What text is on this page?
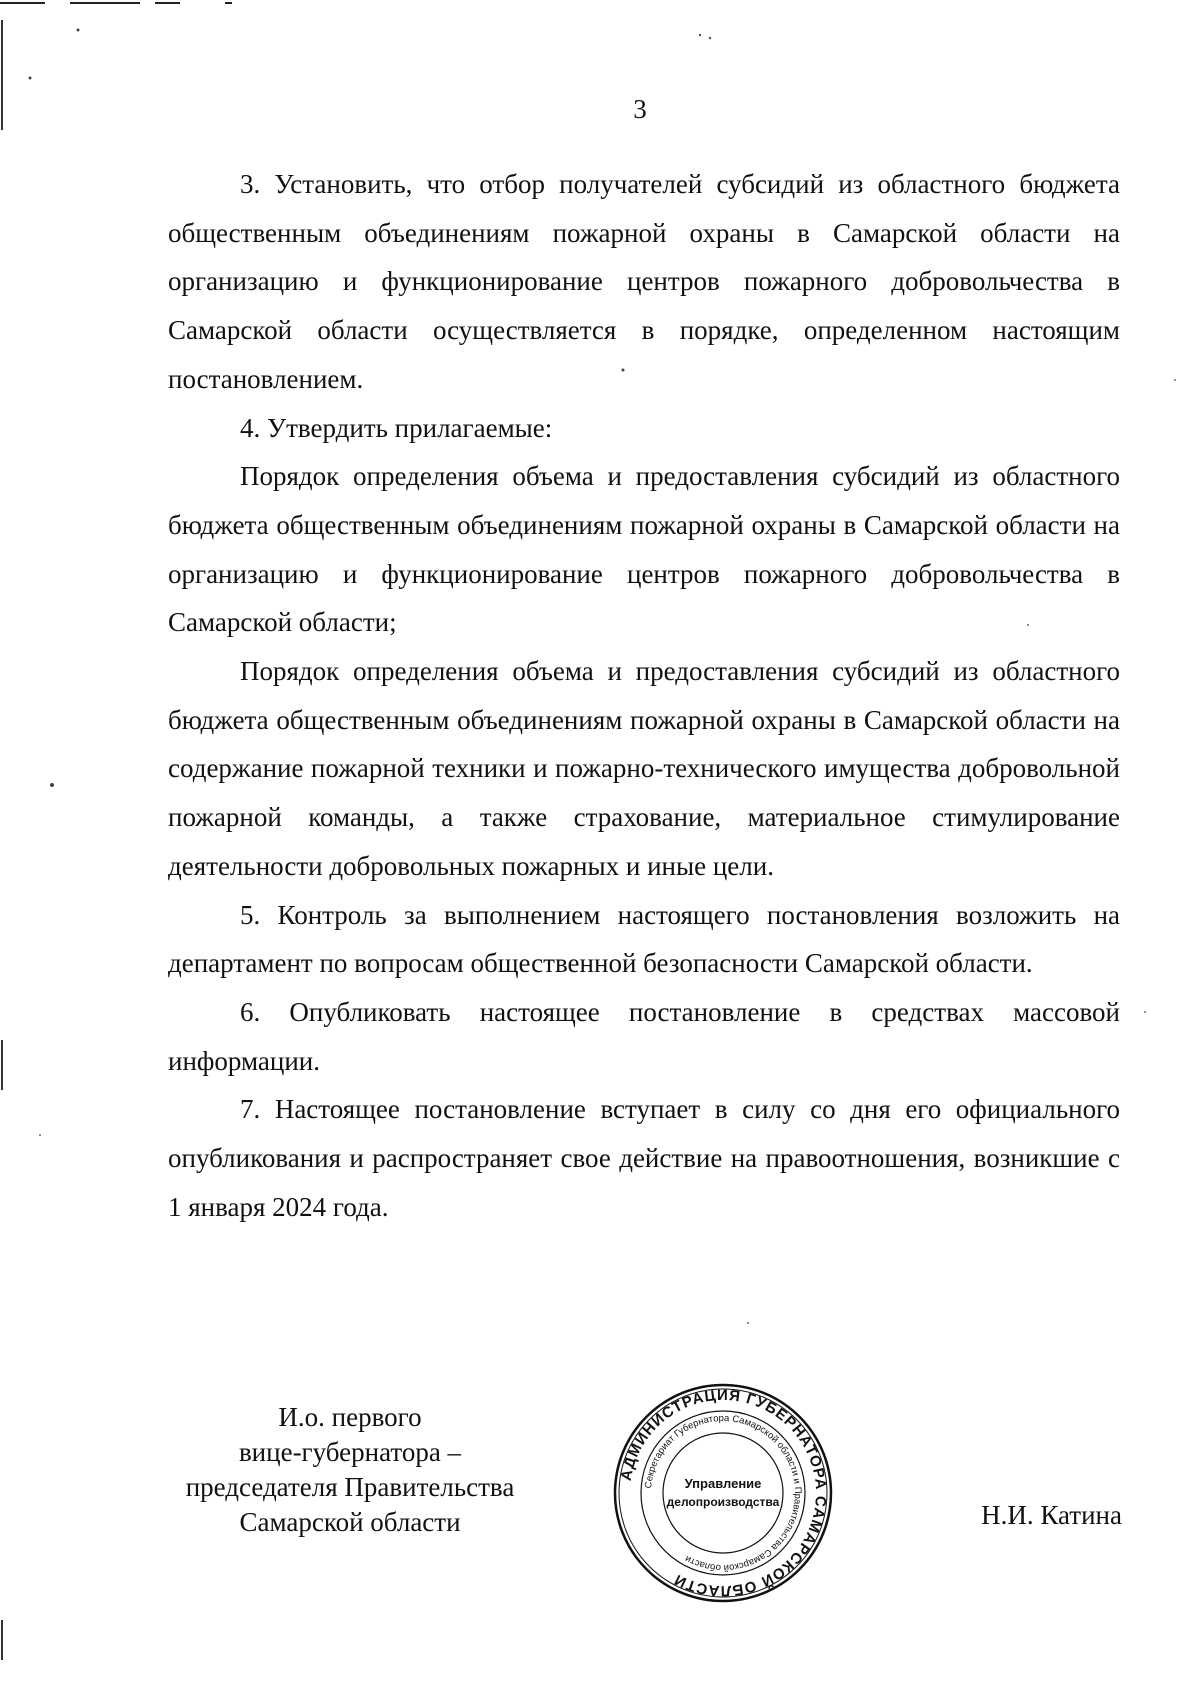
3

3. Установить, что отбор получателей субсидий из областного бюджета общественным объединениям пожарной охраны в Самарской области на организацию и функционирование центров пожарного добровольчества в Самарской области осуществляется в порядке, определенном настоящим постановлением.

4. Утвердить прилагаемые:

Порядок определения объема и предоставления субсидий из областного бюджета общественным объединениям пожарной охраны в Самарской области на организацию и функционирование центров пожарного добровольчества в Самарской области;

Порядок определения объема и предоставления субсидий из областного бюджета общественным объединениям пожарной охраны в Самарской области на содержание пожарной техники и пожарно-технического имущества добровольной пожарной команды, а также страхование, материальное стимулирование деятельности добровольных пожарных и иные цели.

5. Контроль за выполнением настоящего постановления возложить на департамент по вопросам общественной безопасности Самарской области.

6. Опубликовать настоящее постановление в средствах массовой информации.

7. Настоящее постановление вступает в силу со дня его официального опубликования и распространяет свое действие на правоотношения, возникшие с 1 января 2024 года.

И.о. первого
вице-губернатора –
председателя Правительства
Самарской области
АДМИНИСТРАЦИЯ ГУБЕРНАТОРА САМАРСКОЙ ОБЛАСТИ
Секретариат Губернатора Самарской области и Правительства Самарской области
Управление
делопроизводства	Н.И. Катина
